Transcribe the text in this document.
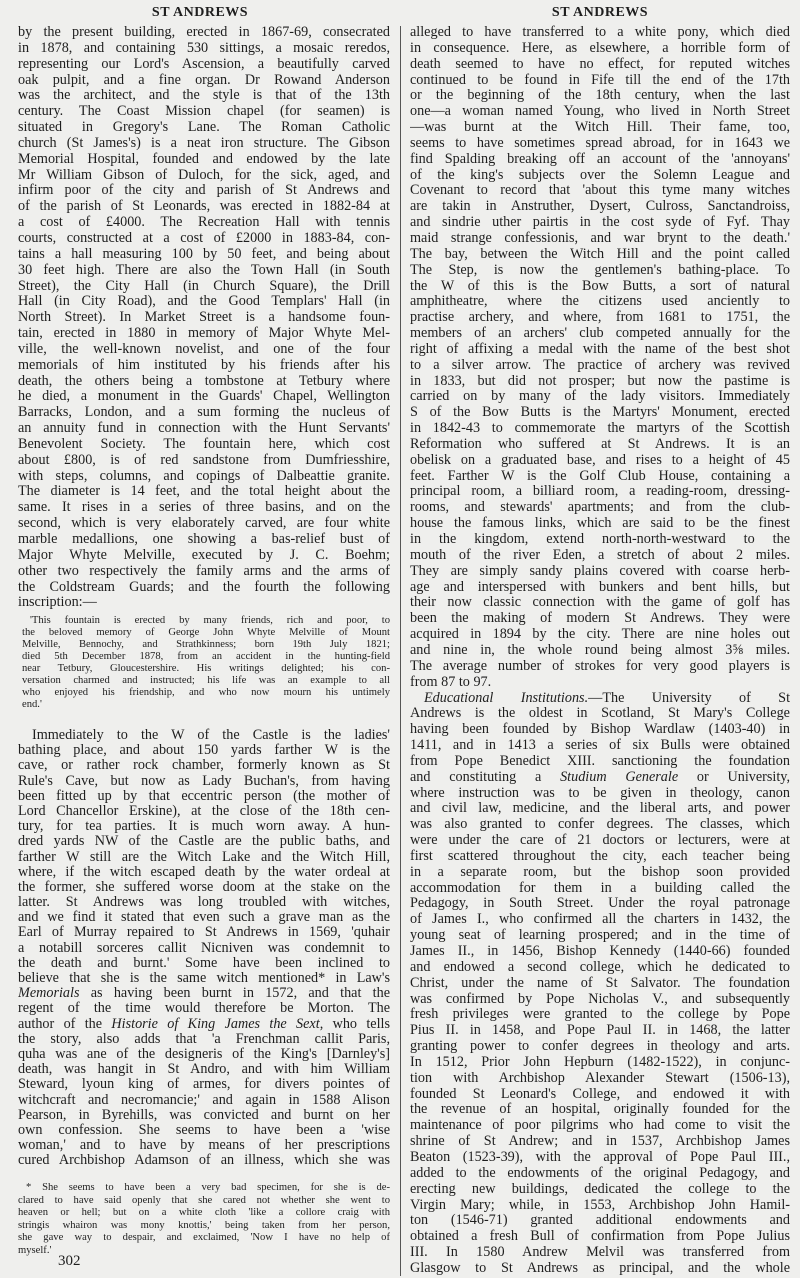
ST ANDREWS	ST ANDREWS
by the present building, erected in 1867-69, consecrated
in 1878, and containing 530 sittings, a mosaic reredos,
representing our Lord's Ascension, a beautifully carved
oak pulpit, and a fine organ. Dr Rowand Anderson
was the architect, and the style is that of the 13th
century. The Coast Mission chapel (for seamen) is
situated in Gregory's Lane. The Roman Catholic
church (St James's) is a neat iron structure. The Gibson
Memorial Hospital, founded and endowed by the late
Mr William Gibson of Duloch, for the sick, aged, and
infirm poor of the city and parish of St Andrews and
of the parish of St Leonards, was erected in 1882-84 at
a cost of £4000. The Recreation Hall with tennis
courts, constructed at a cost of £2000 in 1883-84, con-
tains a hall measuring 100 by 50 feet, and being about
30 feet high. There are also the Town Hall (in South
Street), the City Hall (in Church Square), the Drill
Hall (in City Road), and the Good Templars' Hall (in
North Street). In Market Street is a handsome foun-
tain, erected in 1880 in memory of Major Whyte Mel-
ville, the well-known novelist, and one of the four
memorials of him instituted by his friends after his
death, the others being a tombstone at Tetbury where
he died, a monument in the Guards' Chapel, Wellington
Barracks, London, and a sum forming the nucleus of
an annuity fund in connection with the Hunt Servants'
Benevolent Society. The fountain here, which cost
about £800, is of red sandstone from Dumfriesshire,
with steps, columns, and copings of Dalbeattie granite.
The diameter is 14 feet, and the total height about the
same. It rises in a series of three basins, and on the
second, which is very elaborately carved, are four white
marble medallions, one showing a bas-relief bust of
Major Whyte Melville, executed by J. C. Boehm;
other two respectively the family arms and the arms of
the Coldstream Guards; and the fourth the following
inscription:—
'This fountain is erected by many friends, rich and poor, to
the beloved memory of George John Whyte Melville of Mount
Melville, Bennochy, and Strathkinness; born 19th July 1821;
died 5th December 1878, from an accident in the hunting-field
near Tetbury, Gloucestershire. His writings delighted; his con-
versation charmed and instructed; his life was an example to all
who enjoyed his friendship, and who now mourn his untimely
end.'
Immediately to the W of the Castle is the ladies'
bathing place, and about 150 yards farther W is the
cave, or rather rock chamber, formerly known as St
Rule's Cave, but now as Lady Buchan's, from having
been fitted up by that eccentric person (the mother of
Lord Chancellor Erskine), at the close of the 18th cen-
tury, for tea parties. It is much worn away. A hun-
dred yards NW of the Castle are the public baths, and
farther W still are the Witch Lake and the Witch Hill,
where, if the witch escaped death by the water ordeal at
the former, she suffered worse doom at the stake on the
latter. St Andrews was long troubled with witches,
and we find it stated that even such a grave man as the
Earl of Murray repaired to St Andrews in 1569, 'quhair
a notabill sorceres callit Nicniven was condemnit to
the death and burnt.' Some have been inclined to
believe that she is the same witch mentioned* in Law's
Memorials as having been burnt in 1572, and that the
regent of the time would therefore be Morton. The
author of the Historie of King James the Sext, who tells
the story, also adds that 'a Frenchman callit Paris,
quha was ane of the designeris of the King's [Darnley's]
death, was hangit in St Andro, and with him William
Steward, lyoun king of armes, for divers pointes of
witchcraft and necromancie;' and again in 1588 Alison
Pearson, in Byrehills, was convicted and burnt on her
own confession. She seems to have been a 'wise
woman,' and to have by means of her prescriptions
cured Archbishop Adamson of an illness, which she was
* She seems to have been a very bad specimen, for she is de-
clared to have said openly that she cared not whether she went to
heaven or hell; but on a white cloth 'like a collore craig with
stringis whairon was mony knottis,' being taken from her person,
she gave way to despair, and exclaimed, 'Now I have no help of
myself.'
302
alleged to have transferred to a white pony, which died
in consequence. Here, as elsewhere, a horrible form of
death seemed to have no effect, for reputed witches
continued to be found in Fife till the end of the 17th
or the beginning of the 18th century, when the last
one—a woman named Young, who lived in North Street
—was burnt at the Witch Hill. Their fame, too,
seems to have sometimes spread abroad, for in 1643 we
find Spalding breaking off an account of the 'annoyans'
of the king's subjects over the Solemn League and
Covenant to record that 'about this tyme many witches
are takin in Anstruther, Dysert, Culross, Sanctandroiss,
and sindrie uther pairtis in the cost syde of Fyf. Thay
maid strange confessionis, and war brynt to the death.'
The bay, between the Witch Hill and the point called
The Step, is now the gentlemen's bathing-place. To
the W of this is the Bow Butts, a sort of natural
amphitheatre, where the citizens used anciently to
practise archery, and where, from 1681 to 1751, the
members of an archers' club competed annually for the
right of affixing a medal with the name of the best shot
to a silver arrow. The practice of archery was revived
in 1833, but did not prosper; but now the pastime is
carried on by many of the lady visitors. Immediately
S of the Bow Butts is the Martyrs' Monument, erected
in 1842-43 to commemorate the martyrs of the Scottish
Reformation who suffered at St Andrews. It is an
obelisk on a graduated base, and rises to a height of 45
feet. Farther W is the Golf Club House, containing a
principal room, a billiard room, a reading-room, dressing-
rooms, and stewards' apartments; and from the club-
house the famous links, which are said to be the finest
in the kingdom, extend north-north-westward to the
mouth of the river Eden, a stretch of about 2 miles.
They are simply sandy plains covered with coarse herb-
age and interspersed with bunkers and bent hills, but
their now classic connection with the game of golf has
been the making of modern St Andrews. They were
acquired in 1894 by the city. There are nine holes out
and nine in, the whole round being almost 3⅝ miles.
The average number of strokes for very good players is
from 87 to 97.
Educational Institutions.—The University of St
Andrews is the oldest in Scotland, St Mary's College
having been founded by Bishop Wardlaw (1403-40) in
1411, and in 1413 a series of six Bulls were obtained
from Pope Benedict XIII. sanctioning the foundation
and constituting a Studium Generale or University,
where instruction was to be given in theology, canon
and civil law, medicine, and the liberal arts, and power
was also granted to confer degrees. The classes, which
were under the care of 21 doctors or lecturers, were at
first scattered throughout the city, each teacher being
in a separate room, but the bishop soon provided
accommodation for them in a building called the
Pedagogy, in South Street. Under the royal patronage
of James I., who confirmed all the charters in 1432, the
young seat of learning prospered; and in the time of
James II., in 1456, Bishop Kennedy (1440-66) founded
and endowed a second college, which he dedicated to
Christ, under the name of St Salvator. The foundation
was confirmed by Pope Nicholas V., and subsequently
fresh privileges were granted to the college by Pope
Pius II. in 1458, and Pope Paul II. in 1468, the latter
granting power to confer degrees in theology and arts.
In 1512, Prior John Hepburn (1482-1522), in conjunc-
tion with Archbishop Alexander Stewart (1506-13),
founded St Leonard's College, and endowed it with
the revenue of an hospital, originally founded for the
maintenance of poor pilgrims who had come to visit the
shrine of St Andrew; and in 1537, Archbishop James
Beaton (1523-39), with the approval of Pope Paul III.,
added to the endowments of the original Pedagogy, and
erecting new buildings, dedicated the college to the
Virgin Mary; while, in 1553, Archbishop John Hamil-
ton (1546-71) granted additional endowments and
obtained a fresh Bull of confirmation from Pope Julius
III. In 1580 Andrew Melvil was transferred from
Glasgow to St Andrews as principal, and the whole
